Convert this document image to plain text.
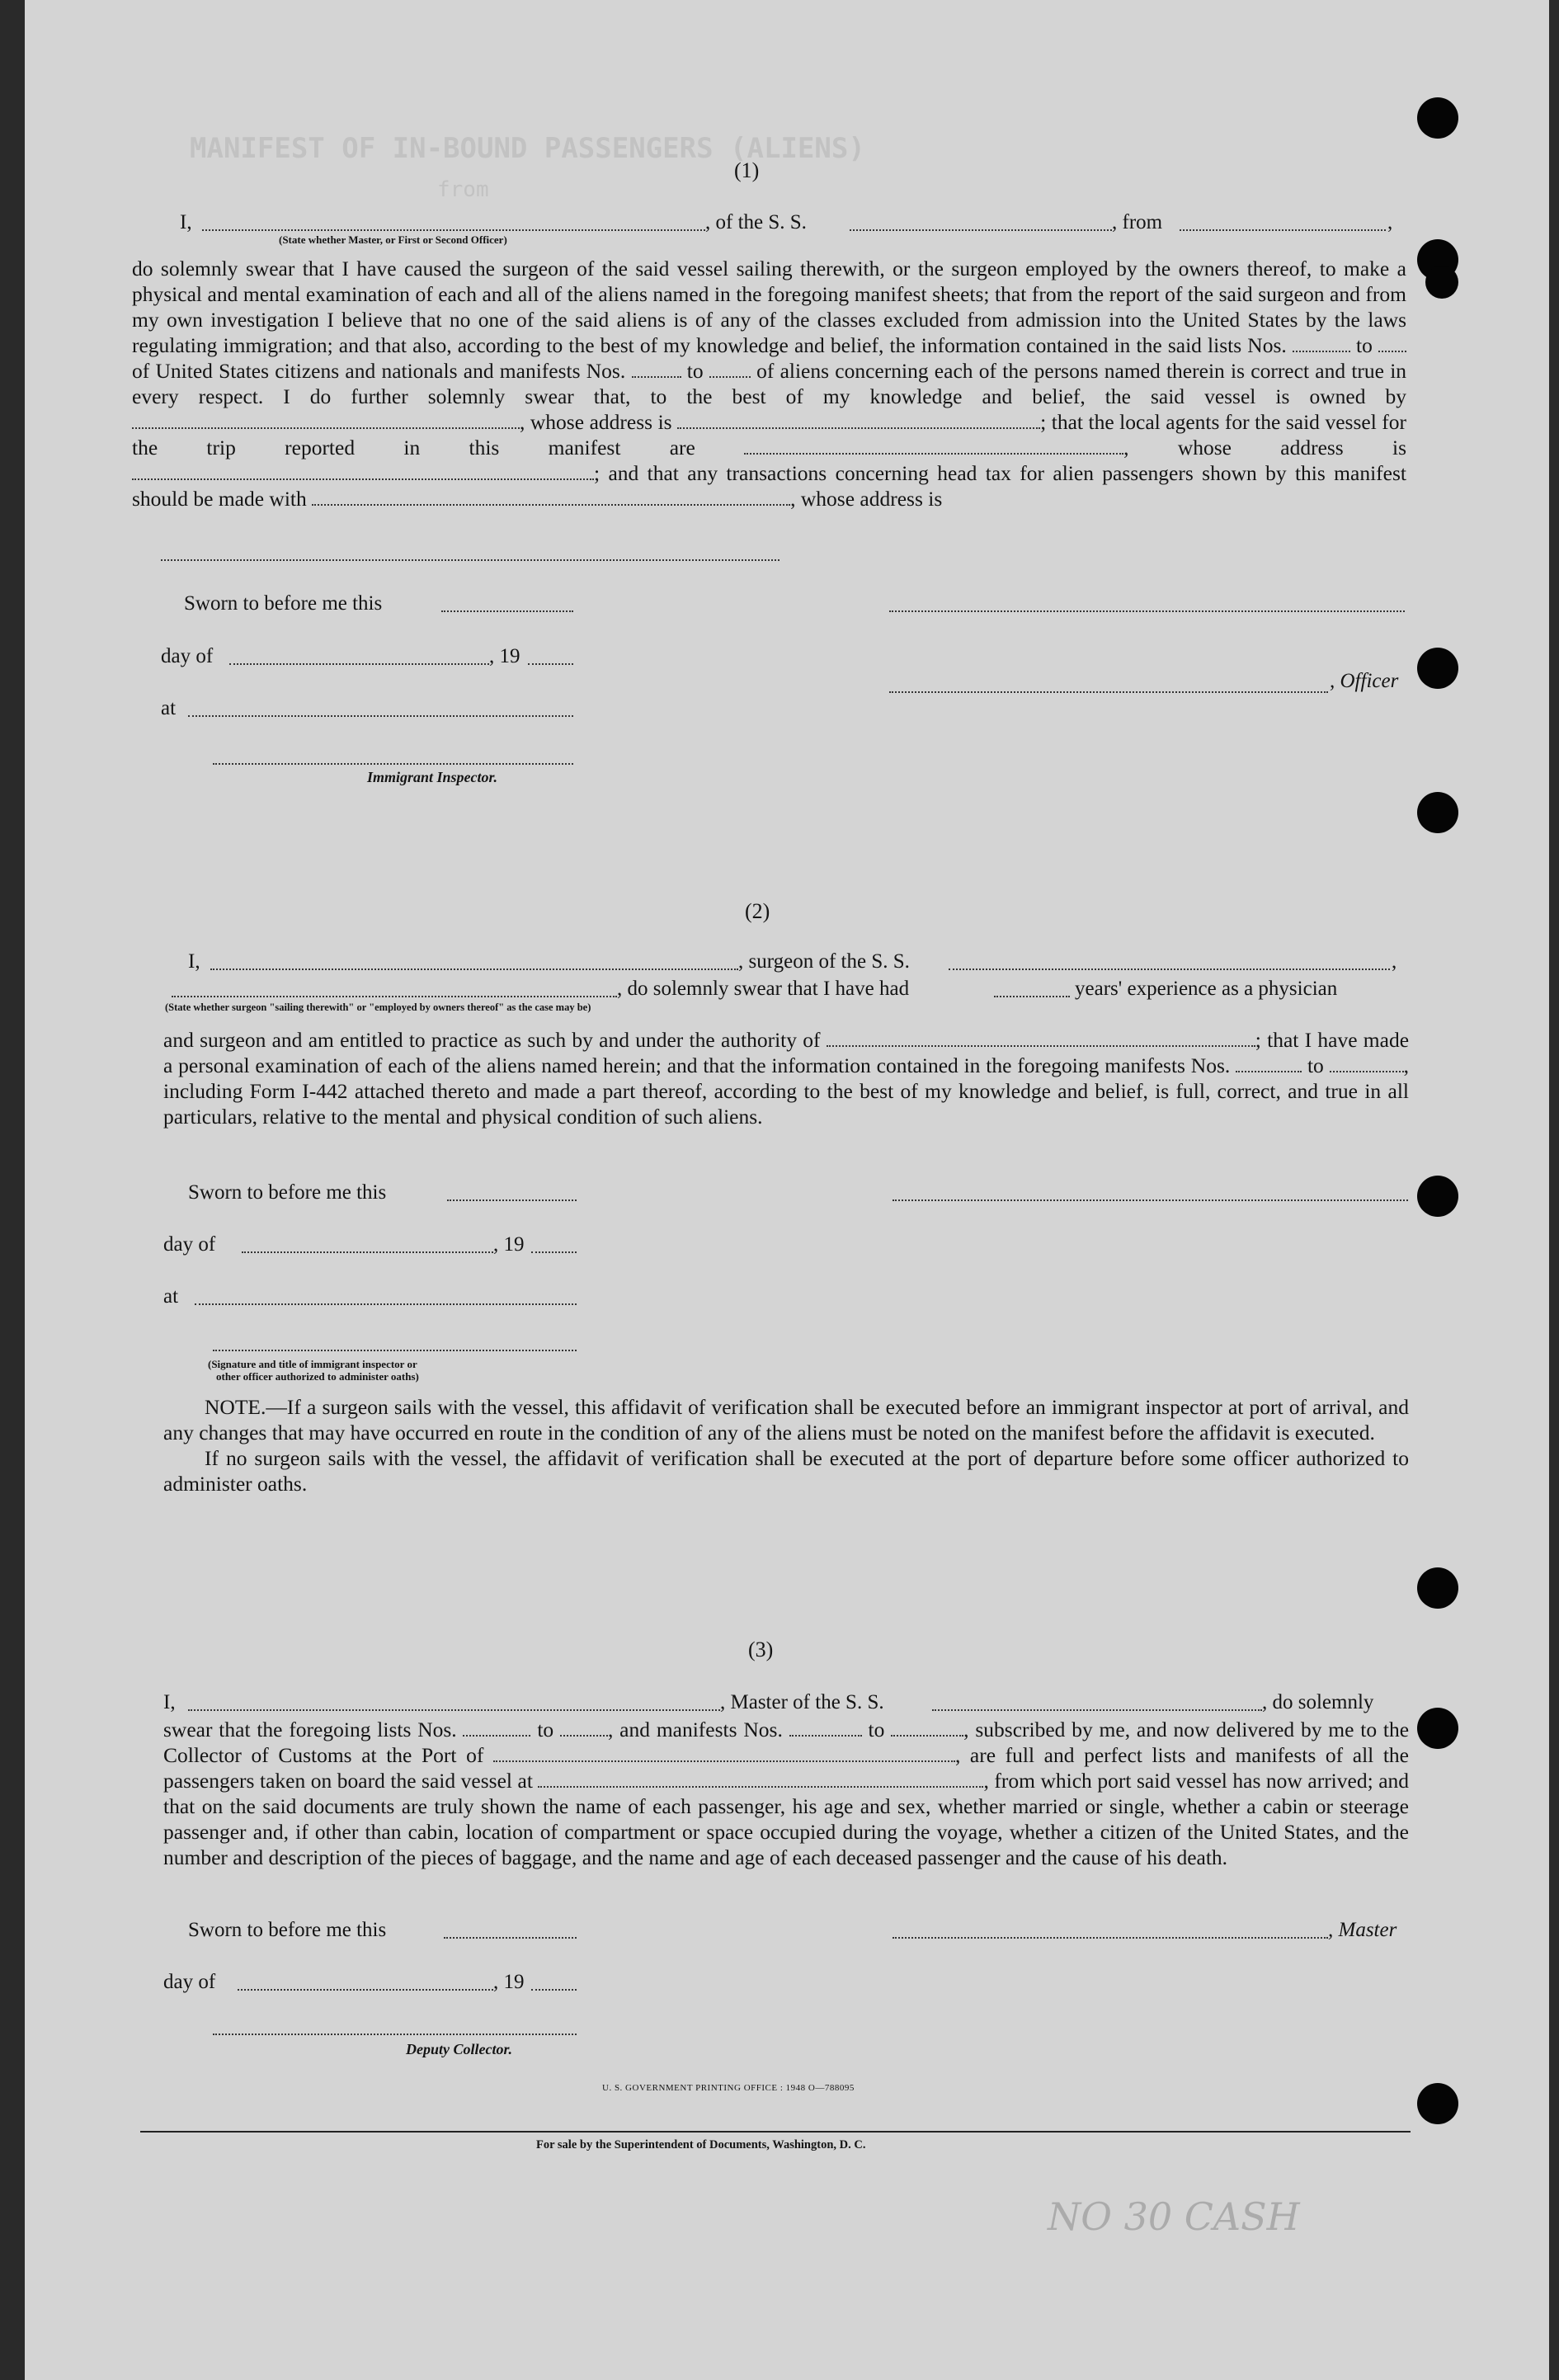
MANIFEST OF IN-BOUND PASSENGERS (ALIENS)
from
NO 30 CASH
(1)
I,	, of the S. S.	, from	,
(State whether Master, or First or Second Officer)

do solemnly swear that I have caused the surgeon of the said vessel sailing therewith, or the surgeon employed by the owners thereof, to make a physical and mental examination of each and all of the aliens named in the foregoing manifest sheets; that from the report of the said surgeon and from my own investigation I believe that no one of the said aliens is of any of the classes excluded from admission into the United States by the laws regulating immigration; and that also, according to the best of my knowledge and belief, the information contained in the said lists Nos.	to  of United States citizens and nationals and manifests Nos.	to	of aliens concerning each of the persons named therein is correct and true in every respect. I do further solemnly swear that, to the best of my knowledge and belief, the said vessel is owned by , whose address is	; that the local agents for the said vessel for the trip reported in this manifest are	, whose address is ; and that any transactions concerning head tax for alien passengers shown by this manifest should be made with	, whose address is

Sworn to before me this
day of	, 19
at
, Officer
Immigrant Inspector.
(2)
I,	, surgeon of the S. S.	,
, do solemnly swear that I have had	years' experience as a physician
(State whether surgeon "sailing therewith" or "employed by owners thereof" as the case may be)

and surgeon and am entitled to practice as such by and under the authority of	; that I have made a personal examination of each of the aliens named herein; and that the information contained in the foregoing manifests Nos.	to	, including Form I-442 attached thereto and made a part thereof, according to the best of my knowledge and belief, is full, correct, and true in all particulars, relative to the mental and physical condition of such aliens.

Sworn to before me this
day of	, 19
at
(Signature and title of immigrant inspector or
other officer authorized to administer oaths)

NOTE.—If a surgeon sails with the vessel, this affidavit of verification shall be executed before an immigrant inspector at port of arrival, and any changes that may have occurred en route in the condition of any of the aliens must be noted on the manifest before the affidavit is executed.

If no surgeon sails with the vessel, the affidavit of verification shall be executed at the port of departure before some officer authorized to administer oaths.

(3)
I,	, Master of the S. S.	, do solemnly

swear that the foregoing lists Nos.	to	, and manifests Nos.	to	, subscribed by me, and now delivered by me to the Collector of Customs at the Port of	, are full and perfect lists and manifests of all the passengers taken on board the said vessel at	, from which port said vessel has now arrived; and that on the said documents are truly shown the name of each passenger, his age and sex, whether married or single, whether a cabin or steerage passenger and, if other than cabin, location of compartment or space occupied during the voyage, whether a citizen of the United States, and the number and description of the pieces of baggage, and the name and age of each deceased passenger and the cause of his death.

Sworn to before me this
day of	, 19
, Master
Deputy Collector.
U. S. GOVERNMENT PRINTING OFFICE : 1948 O—788095
For sale by the Superintendent of Documents, Washington, D. C.
